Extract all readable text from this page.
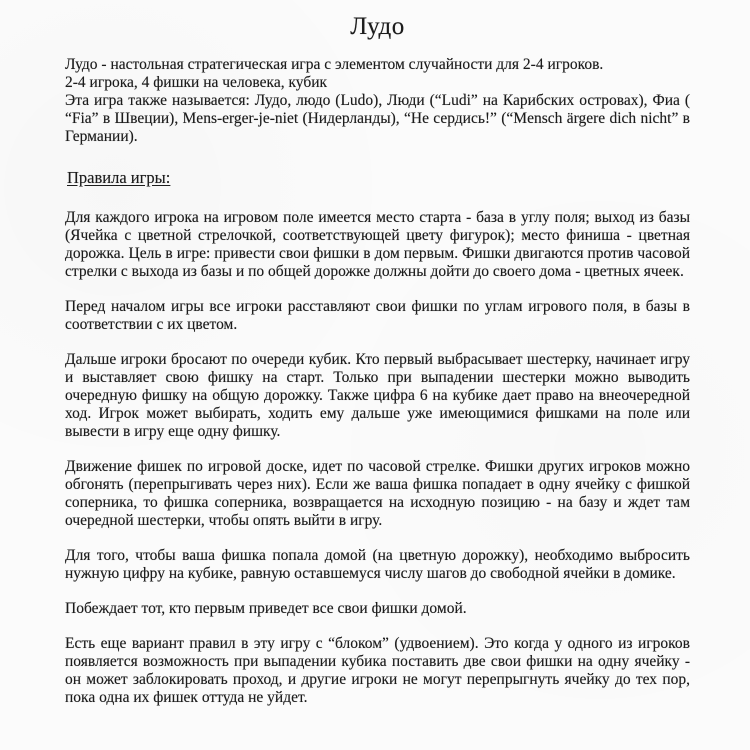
Лудо
Лудо - настольная стратегическая игра с элементом случайности для 2-4 игроков.
2-4 игрока, 4 фишки на человека, кубик
Эта игра также называется: Лудо, людо (Ludo), Люди (“Ludi” на Карибских островах), Фиа ( “Fia” в Швеции), Mens-erger-je-niet (Нидерланды), “Не сердись!” (“Mensch ärgere dich nicht” в Германии).
Правила игры:

Для каждого игрока на игровом поле имеется место старта - база в углу поля; выход из базы (Ячейка с цветной стрелочкой, соответствующей цвету фигурок); место финиша - цветная дорожка. Цель в игре: привести свои фишки в дом первым. Фишки двигаются против часовой стрелки с выхода из базы и по общей дорожке должны дойти до своего дома - цветных ячеек.

Перед началом игры все игроки расставляют свои фишки по углам игрового поля, в базы в соответствии с их цветом.

Дальше игроки бросают по очереди кубик. Кто первый выбрасывает шестерку, начинает игру и выставляет свою фишку на старт. Только при выпадении шестерки можно выводить очередную фишку на общую дорожку. Также цифра 6 на кубике дает право на внеочередной ход. Игрок может выбирать, ходить ему дальше уже имеющимися фишками на поле или вывести в игру еще одну фишку.

Движение фишек по игровой доске, идет по часовой стрелке. Фишки других игроков можно обгонять (перепрыгивать через них). Если же ваша фишка попадает в одну ячейку с фишкой соперника, то фишка соперника, возвращается на исходную позицию - на базу и ждет там очередной шестерки, чтобы опять выйти в игру.

Для того, чтобы ваша фишка попала домой (на цветную дорожку), необходимо выбросить нужную цифру на кубике, равную оставшемуся числу шагов до свободной ячейки в домике.

Побеждает тот, кто первым приведет все свои фишки домой.

Есть еще вариант правил в эту игру с “блоком” (удвоением). Это когда у одного из игроков появляется возможность при выпадении кубика поставить две свои фишки на одну ячейку - он может заблокировать проход, и другие игроки не могут перепрыгнуть ячейку до тех пор, пока одна их фишек оттуда не уйдет.
